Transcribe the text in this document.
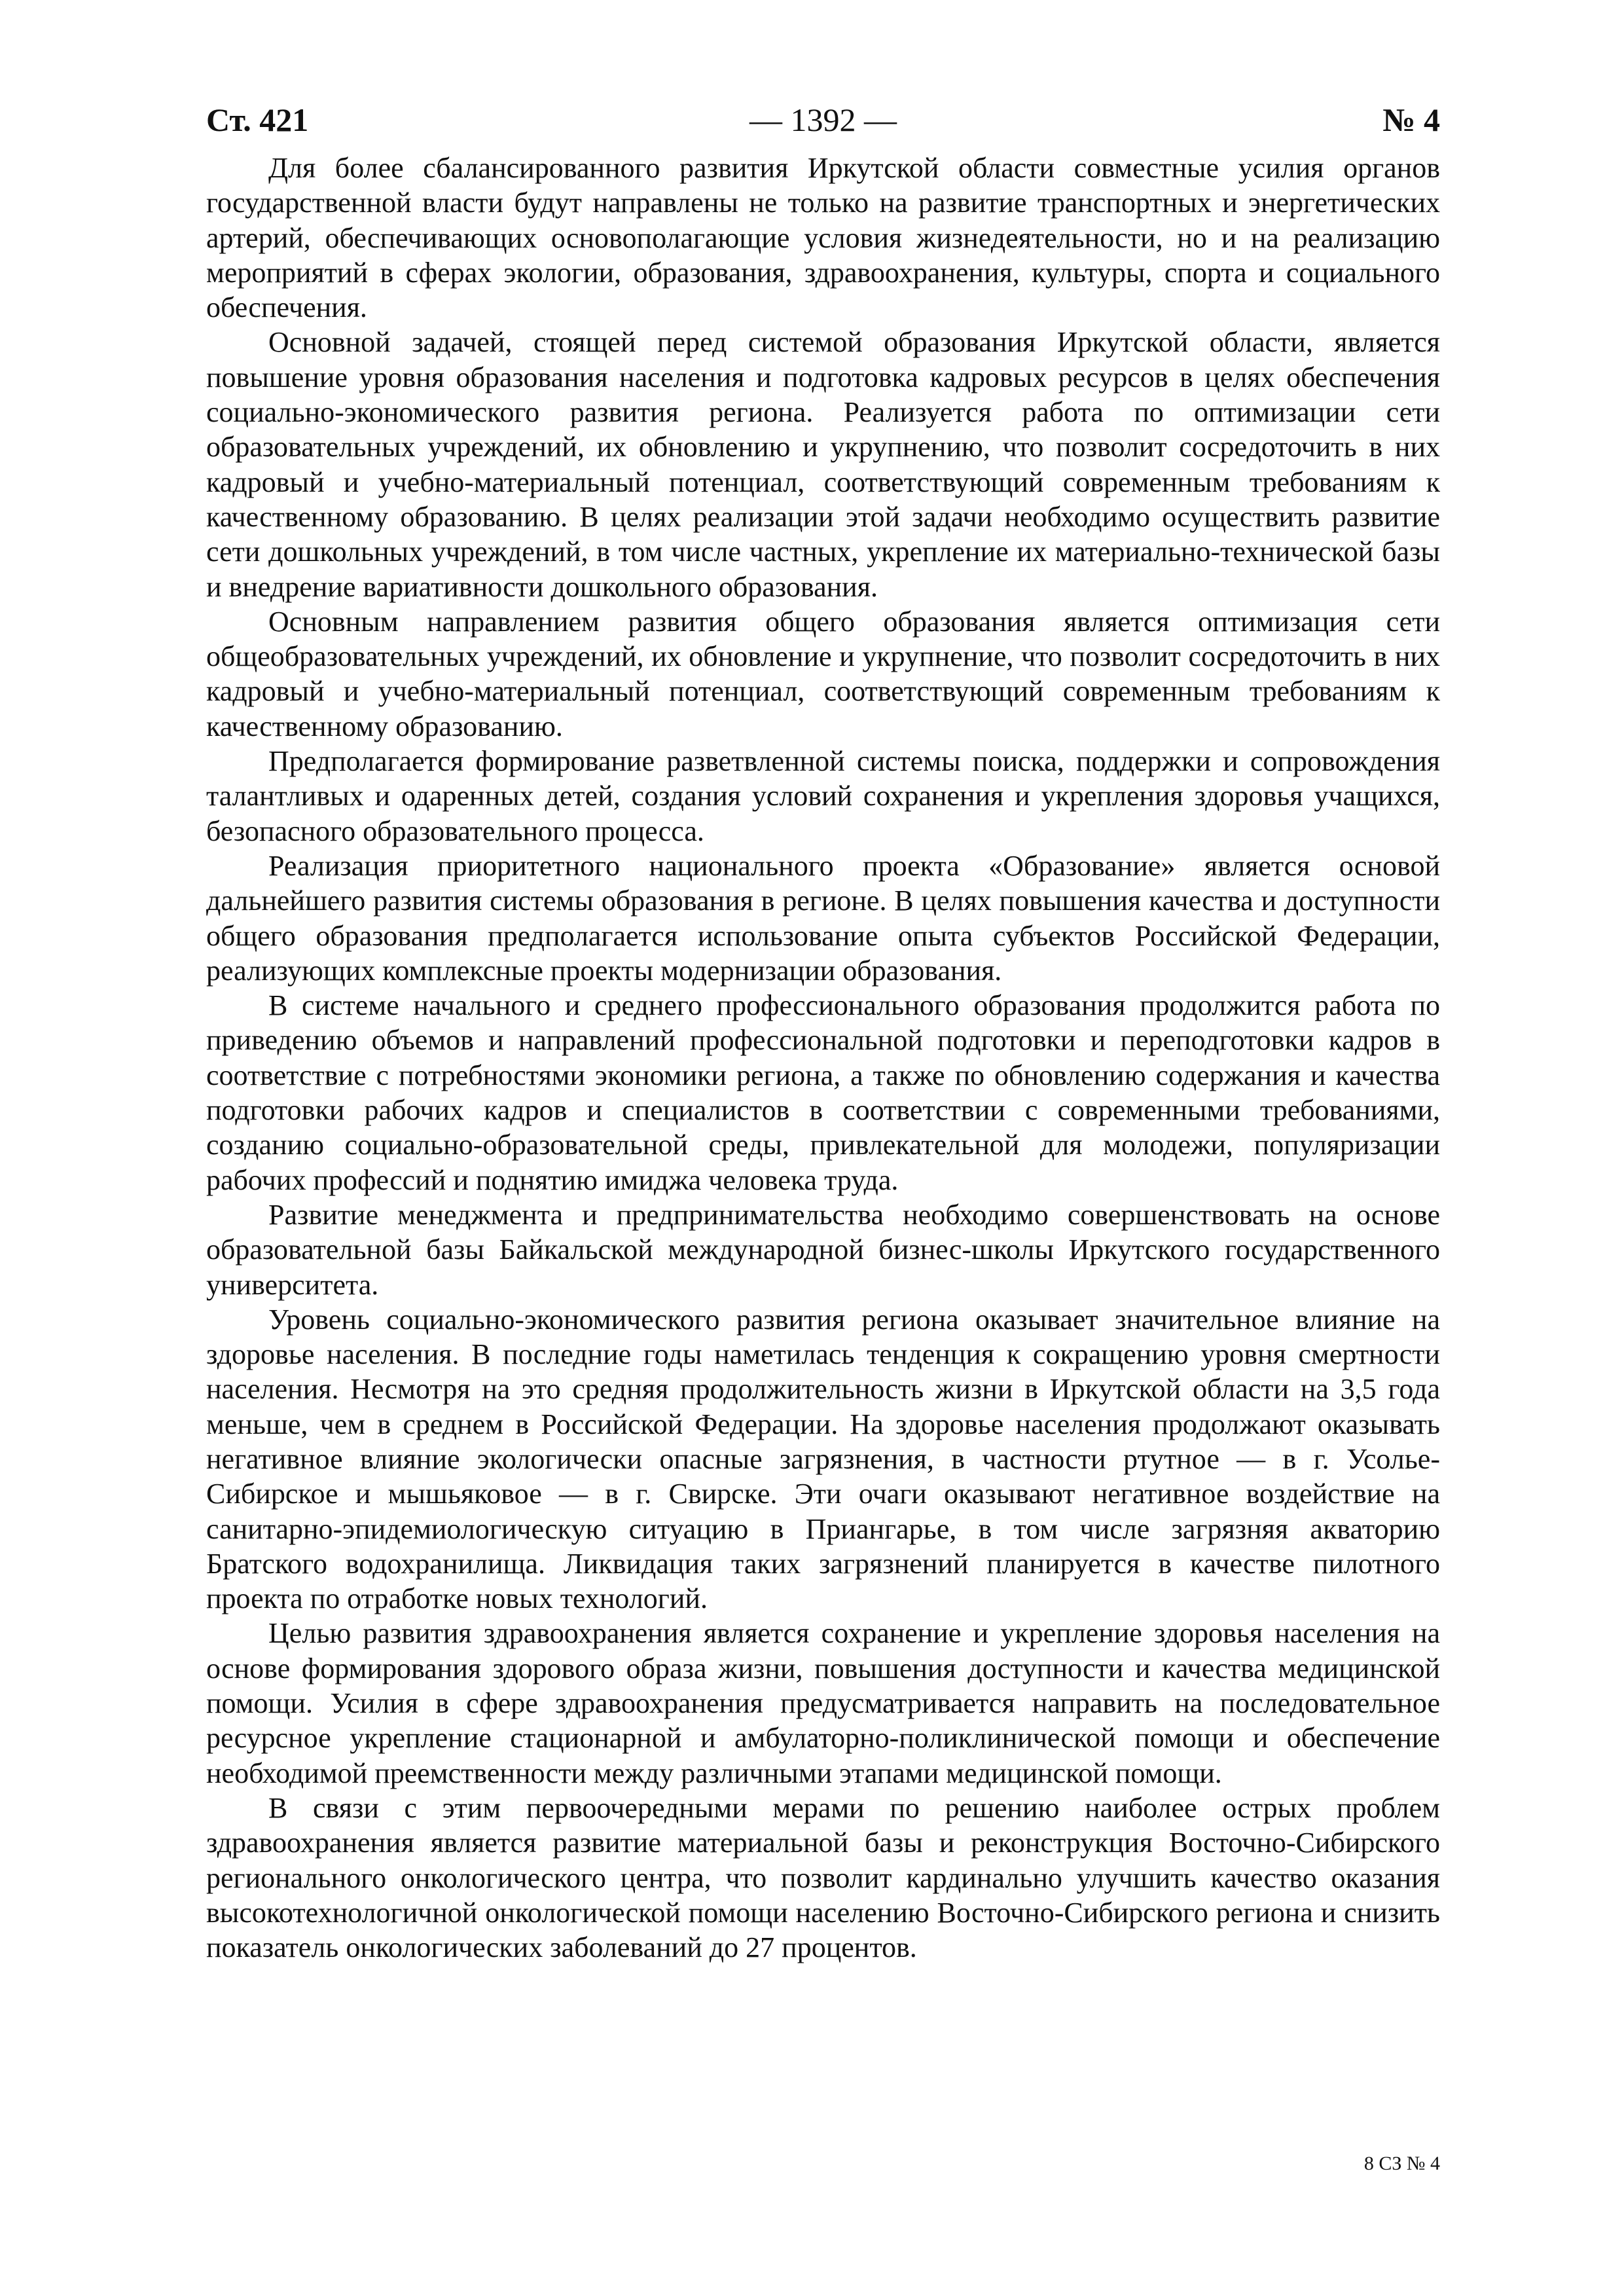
Ст. 421	— 1392 —	№ 4

Для более сбалансированного развития Иркутской области совместные усилия органов государственной власти будут направлены не только на развитие транспортных и энергетических артерий, обеспечивающих основополагающие условия жизнедеятельности, но и на реализацию мероприятий в сферах экологии, образования, здравоохранения, культуры, спорта и социального обеспечения.

Основной задачей, стоящей перед системой образования Иркутской области, является повышение уровня образования населения и подготовка кадровых ресурсов в целях обеспечения социально-экономического развития региона. Реализуется работа по оптимизации сети образовательных учреждений, их обновлению и укрупнению, что позволит сосредоточить в них кадровый и учебно-материальный потенциал, соответствующий современным требованиям к качественному образованию. В целях реализации этой задачи необходимо осуществить развитие сети дошкольных учреждений, в том числе частных, укрепление их материально-технической базы и внедрение вариативности дошкольного образования.

Основным направлением развития общего образования является оптимизация сети общеобразовательных учреждений, их обновление и укрупнение, что позволит сосредоточить в них кадровый и учебно-материальный потенциал, соответствующий современным требованиям к качественному образованию.

Предполагается формирование разветвленной системы поиска, поддержки и сопровождения талантливых и одаренных детей, создания условий сохранения и укрепления здоровья учащихся, безопасного образовательного процесса.

Реализация приоритетного национального проекта «Образование» является основой дальнейшего развития системы образования в регионе. В целях повышения качества и доступности общего образования предполагается использование опыта субъектов Российской Федерации, реализующих комплексные проекты модернизации образования.

В системе начального и среднего профессионального образования продолжится работа по приведению объемов и направлений профессиональной подготовки и переподготовки кадров в соответствие с потребностями экономики региона, а также по обновлению содержания и качества подготовки рабочих кадров и специалистов в соответствии с современными требованиями, созданию социально-образовательной среды, привлекательной для молодежи, популяризации рабочих профессий и поднятию имиджа человека труда.

Развитие менеджмента и предпринимательства необходимо совершенствовать на основе образовательной базы Байкальской международной бизнес-школы Иркутского государственного университета.

Уровень социально-экономического развития региона оказывает значительное влияние на здоровье населения. В последние годы наметилась тенденция к сокращению уровня смертности населения. Несмотря на это средняя продолжительность жизни в Иркутской области на 3,5 года меньше, чем в среднем в Российской Федерации. На здоровье населения продолжают оказывать негативное влияние экологически опасные загрязнения, в частности ртутное — в г. Усолье-Сибирское и мышьяковое — в г. Свирске. Эти очаги оказывают негативное воздействие на санитарно-эпидемиологическую ситуацию в Приангарье, в том числе загрязняя акваторию Братского водохранилища. Ликвидация таких загрязнений планируется в качестве пилотного проекта по отработке новых технологий.

Целью развития здравоохранения является сохранение и укрепление здоровья населения на основе формирования здорового образа жизни, повышения доступности и качества медицинской помощи. Усилия в сфере здравоохранения предусматривается направить на последовательное ресурсное укрепление стационарной и амбулаторно-поликлинической помощи и обеспечение необходимой преемственности между различными этапами медицинской помощи.

В связи с этим первоочередными мерами по решению наиболее острых проблем здравоохранения является развитие материальной базы и реконструкция Восточно-Сибирского регионального онкологического центра, что позволит кардинально улучшить качество оказания высокотехнологичной онкологической помощи населению Восточно-Сибирского региона и снизить показатель онкологических заболеваний до 27 процентов.

8 СЗ № 4
